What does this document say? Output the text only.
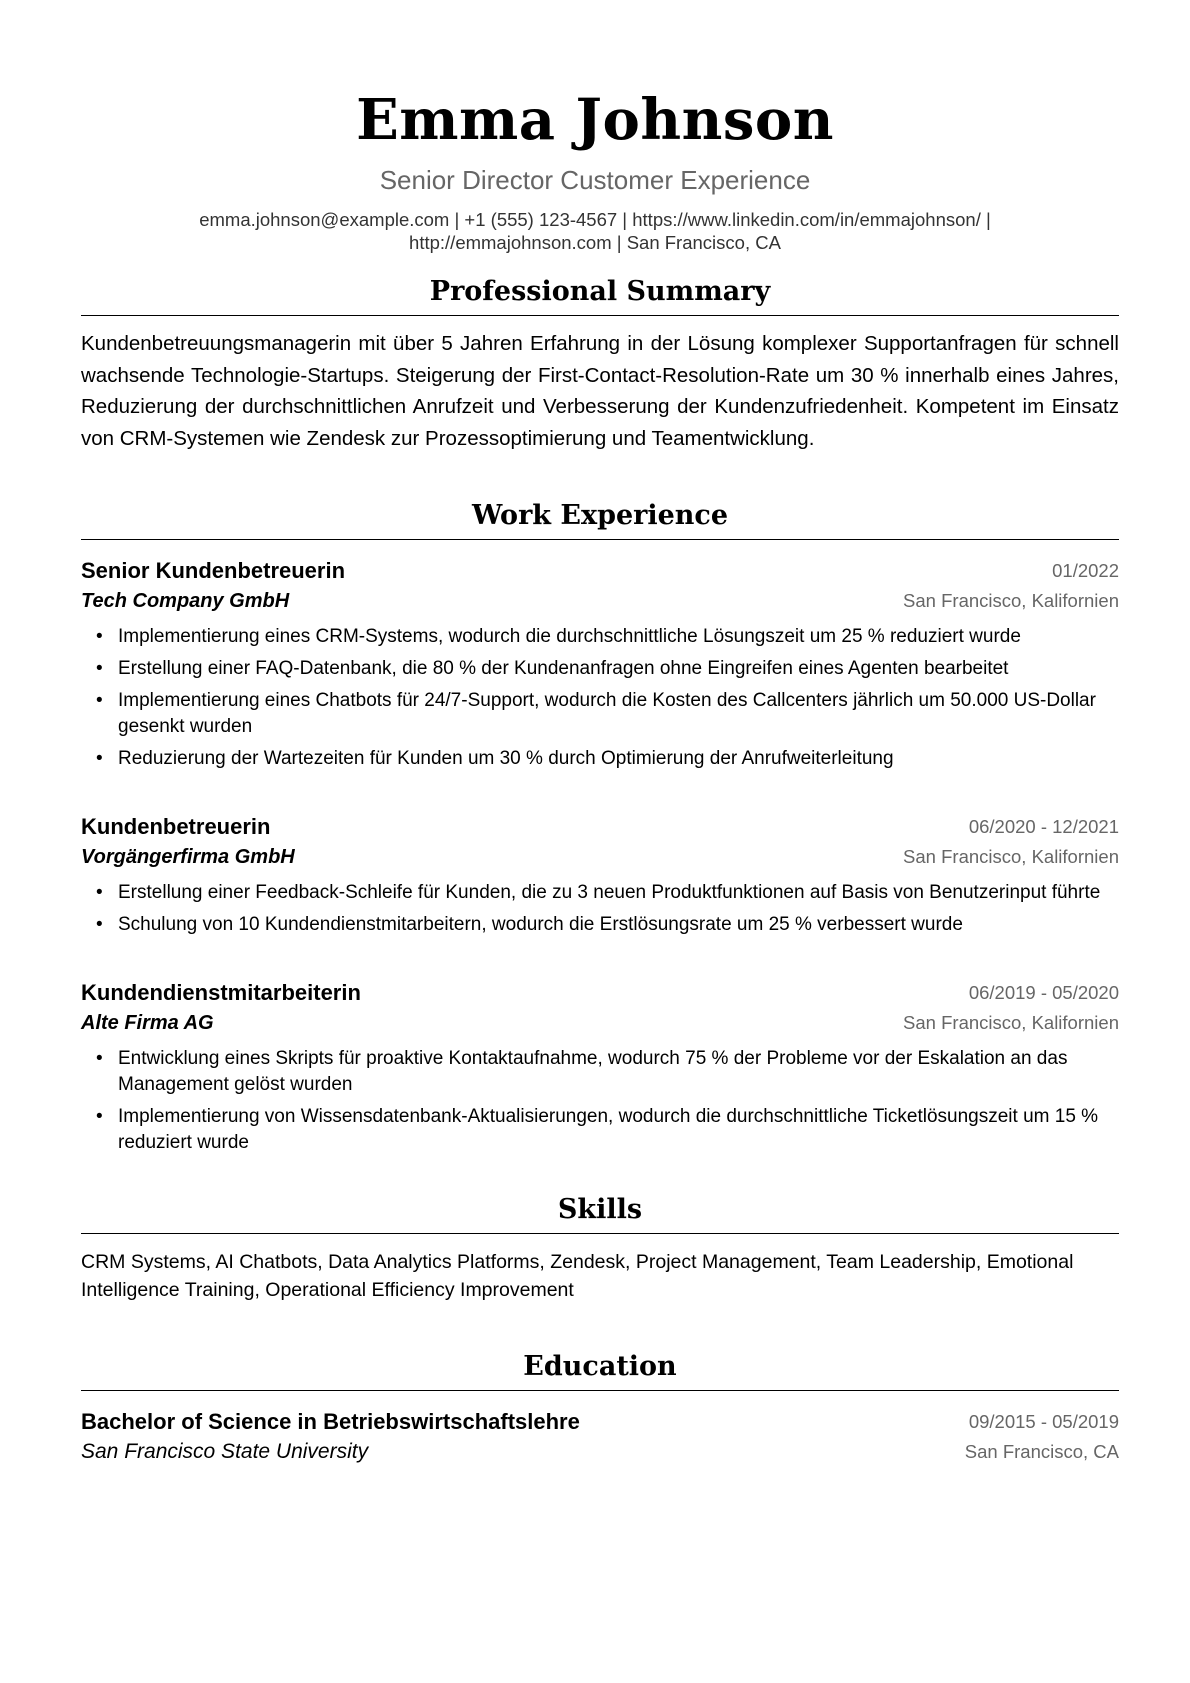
Emma Johnson
Senior Director Customer Experience
emma.johnson@example.com | +1 (555) 123-4567 | https://www.linkedin.com/in/emmajohnson/ |
http://emmajohnson.com | San Francisco, CA
Professional Summary
Kundenbetreuungsmanagerin mit über 5 Jahren Erfahrung in der Lösung komplexer Supportanfragen für schnell wachsende Technologie-Startups. Steigerung der First-Contact-Resolution-Rate um 30 % innerhalb eines Jahres, Reduzierung der durchschnittlichen Anrufzeit und Verbesserung der Kundenzufriedenheit. Kompetent im Einsatz von CRM-Systemen wie Zendesk zur Prozessoptimierung und Teamentwicklung.
Work Experience
Senior Kundenbetreuerin	01/2022
Tech Company GmbH	San Francisco, Kalifornien
• Implementierung eines CRM-Systems, wodurch die durchschnittliche Lösungszeit um 25 % reduziert wurde
• Erstellung einer FAQ-Datenbank, die 80 % der Kundenanfragen ohne Eingreifen eines Agenten bearbeitet
• Implementierung eines Chatbots für 24/7-Support, wodurch die Kosten des Callcenters jährlich um 50.000 US-Dollar gesenkt wurden
• Reduzierung der Wartezeiten für Kunden um 30 % durch Optimierung der Anrufweiterleitung
Kundenbetreuerin	06/2020 - 12/2021
Vorgängerfirma GmbH	San Francisco, Kalifornien
• Erstellung einer Feedback-Schleife für Kunden, die zu 3 neuen Produktfunktionen auf Basis von Benutzerinput führte
• Schulung von 10 Kundendienstmitarbeitern, wodurch die Erstlösungsrate um 25 % verbessert wurde
Kundendienstmitarbeiterin	06/2019 - 05/2020
Alte Firma AG	San Francisco, Kalifornien
• Entwicklung eines Skripts für proaktive Kontaktaufnahme, wodurch 75 % der Probleme vor der Eskalation an das Management gelöst wurden
• Implementierung von Wissensdatenbank-Aktualisierungen, wodurch die durchschnittliche Ticketlösungszeit um 15 % reduziert wurde
Skills
CRM Systems, AI Chatbots, Data Analytics Platforms, Zendesk, Project Management, Team Leadership, Emotional Intelligence Training, Operational Efficiency Improvement
Education
Bachelor of Science in Betriebswirtschaftslehre	09/2015 - 05/2019
San Francisco State University	San Francisco, CA
